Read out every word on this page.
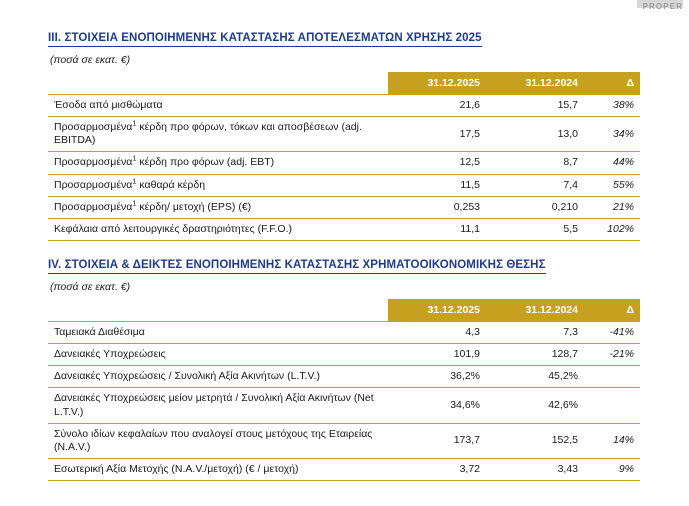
PROPER
III. ΣΤΟΙΧΕΙΑ ΕΝΟΠΟΙΗΜΕΝΗΣ ΚΑΤΑΣΤΑΣΗΣ ΑΠΟΤΕΛΕΣΜΑΤΩΝ ΧΡΗΣΗΣ 2025
(ποσά σε εκατ. €)
	31.12.2025	31.12.2024	Δ
Έσοδα από μισθώματα	21,6	15,7	38%
Προσαρμοσμένα$^1$ κέρδη προ φόρων, τόκων και αποσβέσεων (adj. EBITDA)	17,5	13,0	34%
Προσαρμοσμένα$^1$ κέρδη προ φόρων (adj. EBT)	12,5	8,7	44%
Προσαρμοσμένα$^1$ καθαρά κέρδη	11,5	7,4	55%
Προσαρμοσμένα$^1$ κέρδη/ μετοχή (EPS) (€)	0,253	0,210	21%
Κεφάλαια από λειτουργικές δραστηριότητες (F.F.O.)	11,1	5,5	102%
IV. ΣΤΟΙΧΕΙΑ & ΔΕΙΚΤΕΣ ΕΝΟΠΟΙΗΜΕΝΗΣ ΚΑΤΑΣΤΑΣΗΣ ΧΡΗΜΑΤΟΟΙΚΟΝΟΜΙΚΗΣ ΘΕΣΗΣ
(ποσά σε εκατ. €)
	31.12.2025	31.12.2024	Δ
Ταμειακά Διαθέσιμα	4,3	7,3	-41%
Δανειακές Υποχρεώσεις	101,9	128,7	-21%
Δανειακές Υποχρεώσεις / Συνολική Αξία Ακινήτων (L.T.V.)	36,2%	45,2%	
Δανειακές Υποχρεώσεις μείον μετρητά / Συνολική Αξία Ακινήτων (Net L.T.V.)	34,6%	42,6%	
Σύνολο ιδίων κεφαλαίων που αναλογεί στους μετόχους της Εταιρείας (N.A.V.)	173,7	152,5	14%
Εσωτερική Αξία Μετοχής (N.A.V./μετοχή) (€ / μετοχή)	3,72	3,43	9%
